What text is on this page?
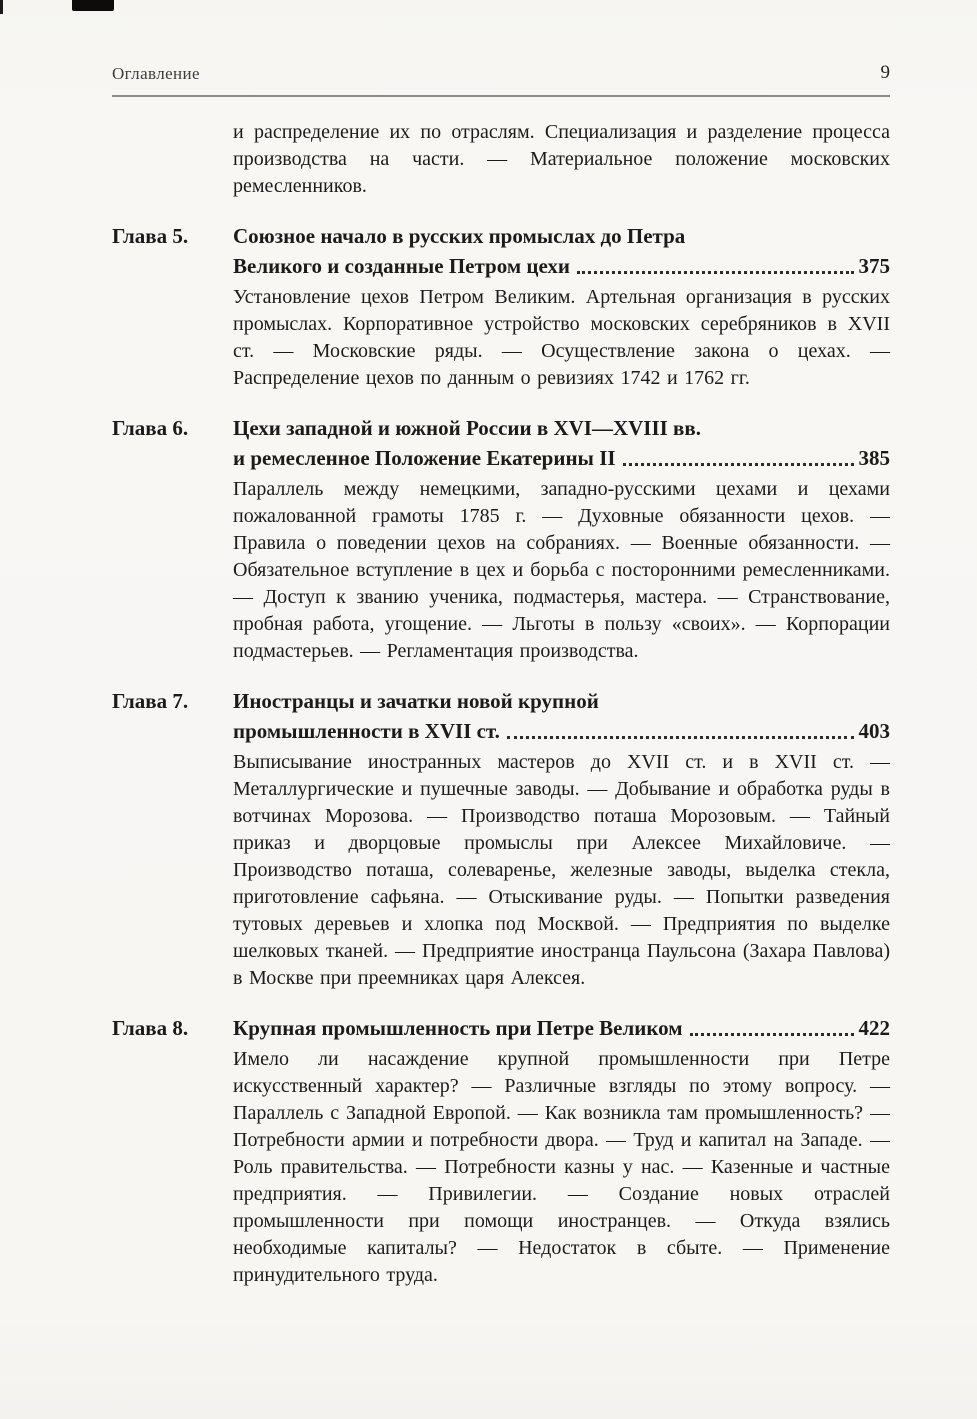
Оглавление	9

и распределение их по отраслям. Специализация и разделение процесса производства на части. — Материальное положение московских ремесленников.

Глава 5.	Союзное начало в русских промыслах до Петра
Великого и созданные Петром цехи	375

Установление цехов Петром Великим. Артельная организация в русских промыслах. Корпоративное устройство московских серебряников в XVII ст. — Московские ряды. — Осуществление закона о цехах. — Распределение цехов по данным о ревизиях 1742 и 1762 гг.

Глава 6.	Цехи западной и южной России в XVI—XVIII вв.
и ремесленное Положение Екатерины II	385

Параллель между немецкими, западно-русскими цехами и цехами пожалованной грамоты 1785 г. — Духовные обязанности цехов. — Правила о поведении цехов на собраниях. — Военные обязанности. — Обязательное вступление в цех и борьба с посторонними ремесленниками. — Доступ к званию ученика, подмастерья, мастера. — Странствование, пробная работа, угощение. — Льготы в пользу «своих». — Корпорации подмастерьев. — Регламентация производства.

Глава 7.	Иностранцы и зачатки новой крупной
промышленности в XVII ст.	403

Выписывание иностранных мастеров до XVII ст. и в XVII ст. — Металлургические и пушечные заводы. — Добывание и обработка руды в вотчинах Морозова. — Производство поташа Морозовым. — Тайный приказ и дворцовые промыслы при Алексее Михайловиче. — Производство поташа, солеваренье, железные заводы, выделка стекла, приготовление сафьяна. — Отыскивание руды. — Попытки разведения тутовых деревьев и хлопка под Москвой. — Предприятия по выделке шелковых тканей. — Предприятие иностранца Паульсона (Захара Павлова) в Москве при преемниках царя Алексея.

Глава 8.	Крупная промышленность при Петре Великом	422

Имело ли насаждение крупной промышленности при Петре искусственный характер? — Различные взгляды по этому вопросу. — Параллель с Западной Европой. — Как возникла там промышленность? — Потребности армии и потребности двора. — Труд и капитал на Западе. — Роль правительства. — Потребности казны у нас. — Казенные и частные предприятия. — Привилегии. — Создание новых отраслей промышленности при помощи иностранцев. — Откуда взялись необходимые капиталы? — Недостаток в сбыте. — Применение принудительного труда.
